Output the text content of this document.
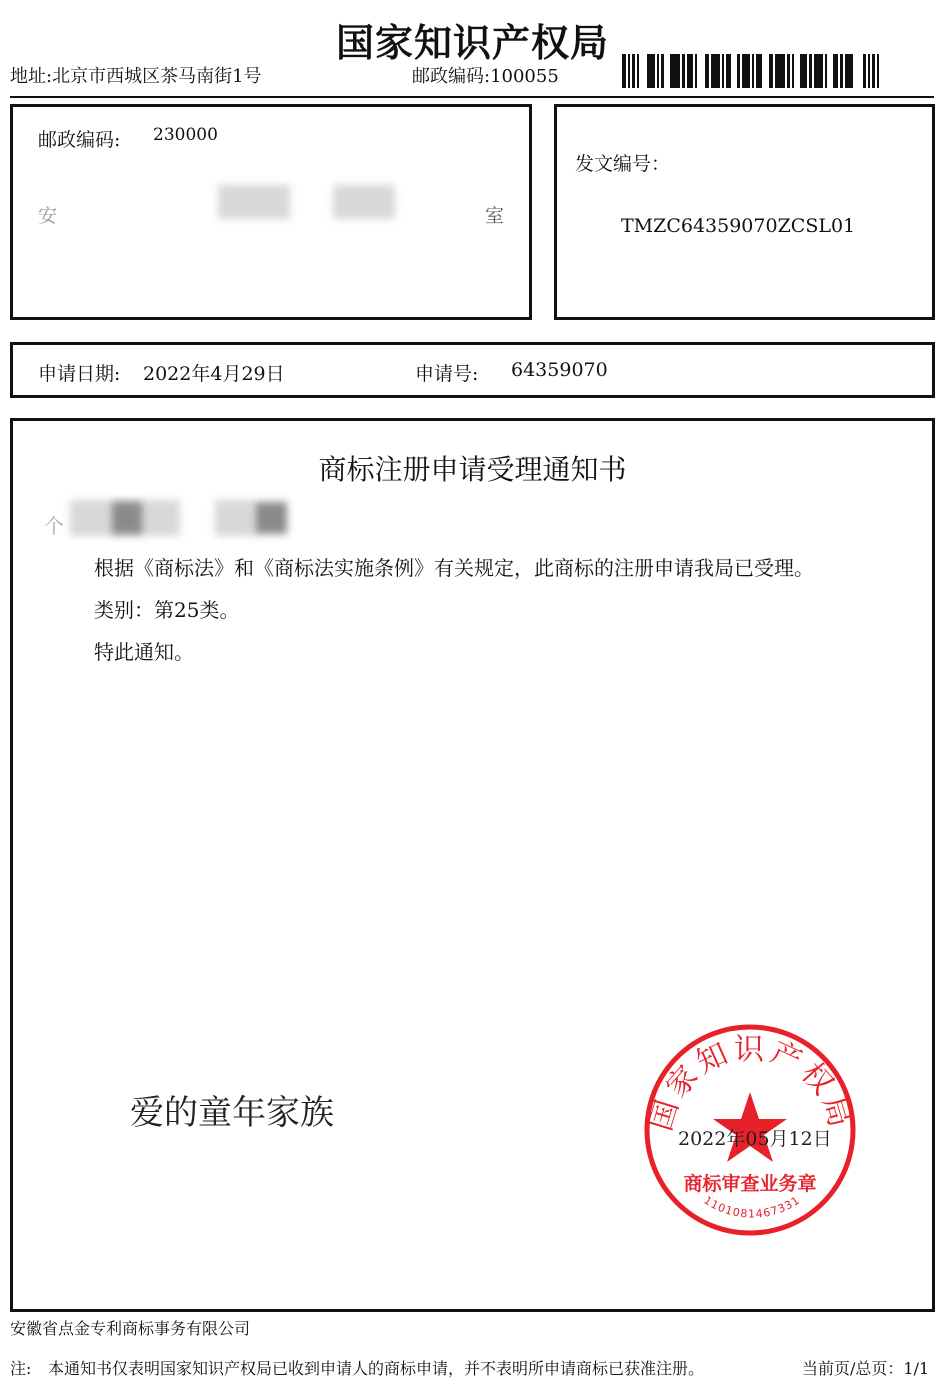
国家知识产权局
地址:北京市西城区茶马南街1号	邮政编码:100055
邮政编码: 230000
安	室
发文编号：
TMZC64359070ZCSL01
申请日期: 2022年4月29日	申请号: 64359070
商标注册申请受理通知书
个
根据《商标法》和《商标法实施条例》有关规定，此商标的注册申请我局已受理。
类别：第25类。
特此通知。
爱的童年家族	国家知识产权局
商标审查业务章
1101081467331
2022年05月12日
安徽省点金专利商标事务有限公司
注: 本通知书仅表明国家知识产权局已收到申请人的商标申请，并不表明所申请商标已获准注册。	当前页/总页：1/1
